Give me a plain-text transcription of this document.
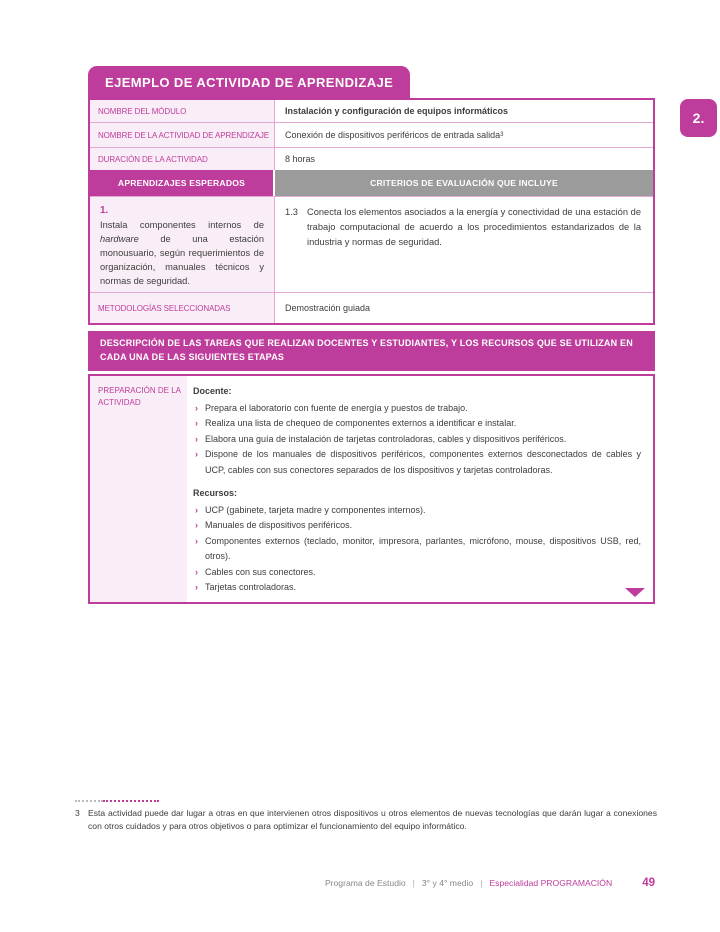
EJEMPLO DE ACTIVIDAD DE APRENDIZAJE
NOMBRE DEL MÓDULO	Instalación y configuración de equipos informáticos
NOMBRE DE LA ACTIVIDAD DE APRENDIZAJE	Conexión de dispositivos periféricos de entrada salida 3
DURACIÓN DE LA ACTIVIDAD	8 horas
APRENDIZAJES ESPERADOS	CRITERIOS DE EVALUACIÓN QUE INCLUYE
1.
Instala componentes internos de hardware de una estación monousuario, según requerimientos de organización, manuales técnicos y normas de seguridad.
1.3 Conecta los elementos asociados a la energía y conectividad de una estación de trabajo computacional de acuerdo a los procedimientos estandarizados de la industria y normas de seguridad.
METODOLOGÍAS SELECCIONADAS	Demostración guiada
DESCRIPCIÓN DE LAS TAREAS QUE REALIZAN DOCENTES Y ESTUDIANTES, Y LOS RECURSOS QUE SE UTILIZAN EN CADA UNA DE LAS SIGUIENTES ETAPAS
PREPARACIÓN DE LA ACTIVIDAD
Docente:
› Prepara el laboratorio con fuente de energía y puestos de trabajo.
› Realiza una lista de chequeo de componentes externos a identificar e instalar.
› Elabora una guía de instalación de tarjetas controladoras, cables y dispositivos periféricos.
› Dispone de los manuales de dispositivos periféricos, componentes externos desconectados de cables y UCP, cables con sus conectores separados de los dispositivos y tarjetas controladoras.
Recursos:
› UCP (gabinete, tarjeta madre y componentes internos).
› Manuales de dispositivos periféricos.
› Componentes externos (teclado, monitor, impresora, parlantes, micrófono, mouse, dispositivos USB, red, otros).
› Cables con sus conectores.
› Tarjetas controladoras.
2.
3 Esta actividad puede dar lugar a otras en que intervienen otros dispositivos u otros elementos de nuevas tecnologías que darán lugar a conexiones con otros cuidados y para otros objetivos o para optimizar el funcionamiento del equipo informático.
Programa de Estudio | 3° y 4° medio | Especialidad PROGRAMACIÓN	49
